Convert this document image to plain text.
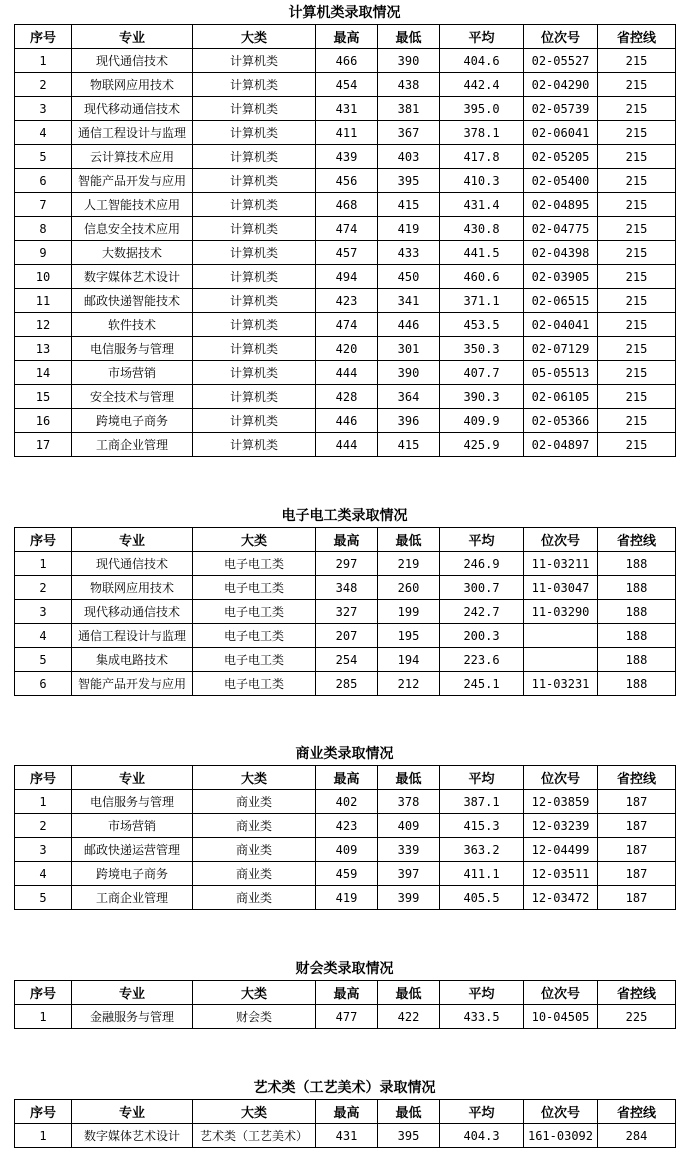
计算机类录取情况
序号	专业	大类	最高	最低	平均	位次号	省控线
1	现代通信技术	计算机类	466	390	404.6	02-05527	215
2	物联网应用技术	计算机类	454	438	442.4	02-04290	215
3	现代移动通信技术	计算机类	431	381	395.0	02-05739	215
4	通信工程设计与监理	计算机类	411	367	378.1	02-06041	215
5	云计算技术应用	计算机类	439	403	417.8	02-05205	215
6	智能产品开发与应用	计算机类	456	395	410.3	02-05400	215
7	人工智能技术应用	计算机类	468	415	431.4	02-04895	215
8	信息安全技术应用	计算机类	474	419	430.8	02-04775	215
9	大数据技术	计算机类	457	433	441.5	02-04398	215
10	数字媒体艺术设计	计算机类	494	450	460.6	02-03905	215
11	邮政快递智能技术	计算机类	423	341	371.1	02-06515	215
12	软件技术	计算机类	474	446	453.5	02-04041	215
13	电信服务与管理	计算机类	420	301	350.3	02-07129	215
14	市场营销	计算机类	444	390	407.7	05-05513	215
15	安全技术与管理	计算机类	428	364	390.3	02-06105	215
16	跨境电子商务	计算机类	446	396	409.9	02-05366	215
17	工商企业管理	计算机类	444	415	425.9	02-04897	215
电子电工类录取情况
序号	专业	大类	最高	最低	平均	位次号	省控线
1	现代通信技术	电子电工类	297	219	246.9	11-03211	188
2	物联网应用技术	电子电工类	348	260	300.7	11-03047	188
3	现代移动通信技术	电子电工类	327	199	242.7	11-03290	188
4	通信工程设计与监理	电子电工类	207	195	200.3		188
5	集成电路技术	电子电工类	254	194	223.6		188
6	智能产品开发与应用	电子电工类	285	212	245.1	11-03231	188
商业类录取情况
序号	专业	大类	最高	最低	平均	位次号	省控线
1	电信服务与管理	商业类	402	378	387.1	12-03859	187
2	市场营销	商业类	423	409	415.3	12-03239	187
3	邮政快递运营管理	商业类	409	339	363.2	12-04499	187
4	跨境电子商务	商业类	459	397	411.1	12-03511	187
5	工商企业管理	商业类	419	399	405.5	12-03472	187
财会类录取情况
序号	专业	大类	最高	最低	平均	位次号	省控线
1	金融服务与管理	财会类	477	422	433.5	10-04505	225
艺术类（工艺美术）录取情况
序号	专业	大类	最高	最低	平均	位次号	省控线
1	数字媒体艺术设计	艺术类（工艺美术）	431	395	404.3	161-03092	284
